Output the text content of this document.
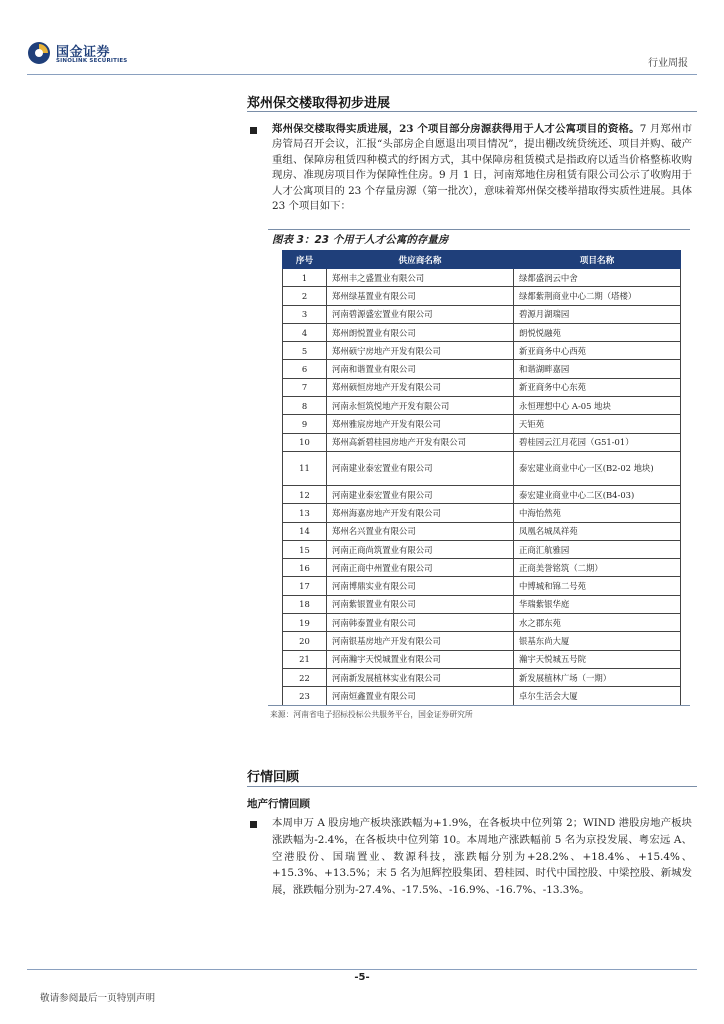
国金证券
SINOLINK SECURITIES	行业周报
郑州保交楼取得初步进展
郑州保交楼取得实质进展，23 个项目部分房源获得用于人才公寓项目的资格。7 月郑州市房管局召开会议，汇报“头部房企自愿退出项目情况”，提出棚改统贷统还、项目并购、破产重组、保障房租赁四种模式的纾困方式，其中保障房租赁模式是指政府以适当价格整栋收购现房、准现房项目作为保障性住房。9 月 1 日，河南郑地住房租赁有限公司公示了收购用于人才公寓项目的 23 个存量房源（第一批次），意味着郑州保交楼举措取得实质性进展。具体 23 个项目如下：
图表 3：23 个用于人才公寓的存量房
序号	供应商名称	项目名称
1	郑州丰之盛置业有限公司	绿都盛润云中舍
2	郑州绿基置业有限公司	绿都紫荆商业中心二期（塔楼）
3	河南碧源盛宏置业有限公司	碧源月湖瑞园
4	郑州朗悦置业有限公司	朗悦悦融苑
5	郑州硕宁房地产开发有限公司	新亚商务中心西苑
6	河南和谐置业有限公司	和谐湖畔嘉园
7	郑州硕恒房地产开发有限公司	新亚商务中心东苑
8	河南永恒筑悦地产开发有限公司	永恒理想中心 A-05 地块
9	郑州雅宸房地产开发有限公司	天钜苑
10	郑州高新碧桂园房地产开发有限公司	碧桂园云江月花园（G51-01）
11	河南建业泰宏置业有限公司	泰宏建业商业中心一区(B2-02 地块)
12	河南建业泰宏置业有限公司	泰宏建业商业中心二区(B4-03)
13	郑州海嘉房地产开发有限公司	中海怡然苑
14	郑州名兴置业有限公司	凤凰名城凤祥苑
15	河南正商尚筑置业有限公司	正商汇航雅园
16	河南正商中州置业有限公司	正商美誉铭筑（二期）
17	河南博鼎实业有限公司	中博城和锦二号苑
18	河南紫银置业有限公司	华瑞紫银华庭
19	河南韩泰置业有限公司	水之郡东苑
20	河南银基房地产开发有限公司	银基东尚大厦
21	河南瀚宇天悦城置业有限公司	瀚宇天悦城五号院
22	河南新发展植林实业有限公司	新发展植林广场（一期）
23	河南烜鑫置业有限公司	卓尔生活会大厦
来源：河南省电子招标投标公共服务平台，国金证券研究所
行情回顾
地产行情回顾
本周申万 A 股房地产板块涨跌幅为+1.9%，在各板块中位列第 2；WIND 港股房地产板块涨跌幅为-2.4%，在各板块中位列第 10。本周地产涨跌幅前 5 名为京投发展、粤宏远 A、空港股份、国瑞置业、数源科技，涨跌幅分别为+28.2%、+18.4%、+15.4%、+15.3%、+13.5%；末 5 名为旭辉控股集团、碧桂园、时代中国控股、中梁控股、新城发展，涨跌幅分别为-27.4%、-17.5%、-16.9%、-16.7%、-13.3%。
-5-
敬请参阅最后一页特别声明
